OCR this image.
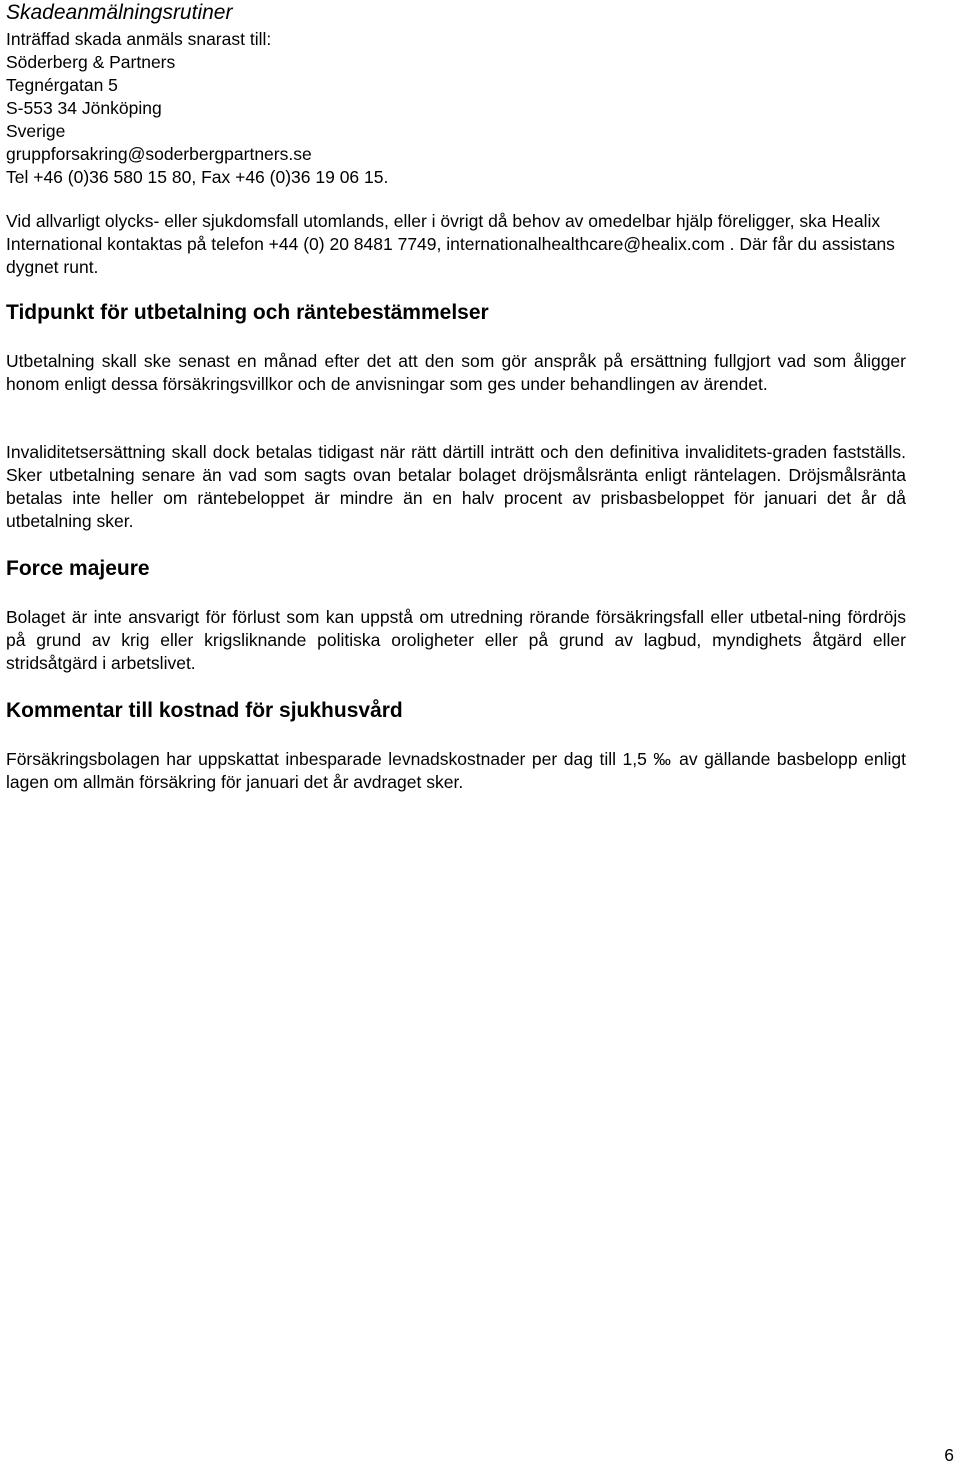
Skadeanmälningsrutiner
Inträffad skada anmäls snarast till:
Söderberg & Partners
Tegnérgatan 5
S-553 34 Jönköping
Sverige
gruppforsakring@soderbergpartners.se
Tel +46 (0)36 580 15 80, Fax +46 (0)36 19 06 15.
Vid allvarligt olycks- eller sjukdomsfall utomlands, eller i övrigt då behov av omedelbar hjälp föreligger, ska Healix International kontaktas på telefon +44 (0) 20 8481 7749, internationalhealthcare@healix.com . Där får du assistans dygnet runt.
Tidpunkt för utbetalning och räntebestämmelser
Utbetalning skall ske senast en månad efter det att den som gör anspråk på ersättning fullgjort vad som åligger honom enligt dessa försäkringsvillkor och de anvisningar som ges under behandlingen av ärendet.
Invaliditetsersättning skall dock betalas tidigast när rätt därtill inträtt och den definitiva invaliditets-graden fastställs. Sker utbetalning senare än vad som sagts ovan betalar bolaget dröjsmålsränta enligt räntelagen. Dröjsmålsränta betalas inte heller om räntebeloppet är mindre än en halv procent av prisbasbeloppet för januari det år då utbetalning sker.
Force majeure
Bolaget är inte ansvarigt för förlust som kan uppstå om utredning rörande försäkringsfall eller utbetal-ning fördröjs på grund av krig eller krigsliknande politiska oroligheter eller på grund av lagbud, myndighets åtgärd eller stridsåtgärd i arbetslivet.
Kommentar till kostnad för sjukhusvård
Försäkringsbolagen har uppskattat inbesparade levnadskostnader per dag till 1,5 ‰ av gällande basbelopp enligt lagen om allmän försäkring för januari det år avdraget sker.
6
